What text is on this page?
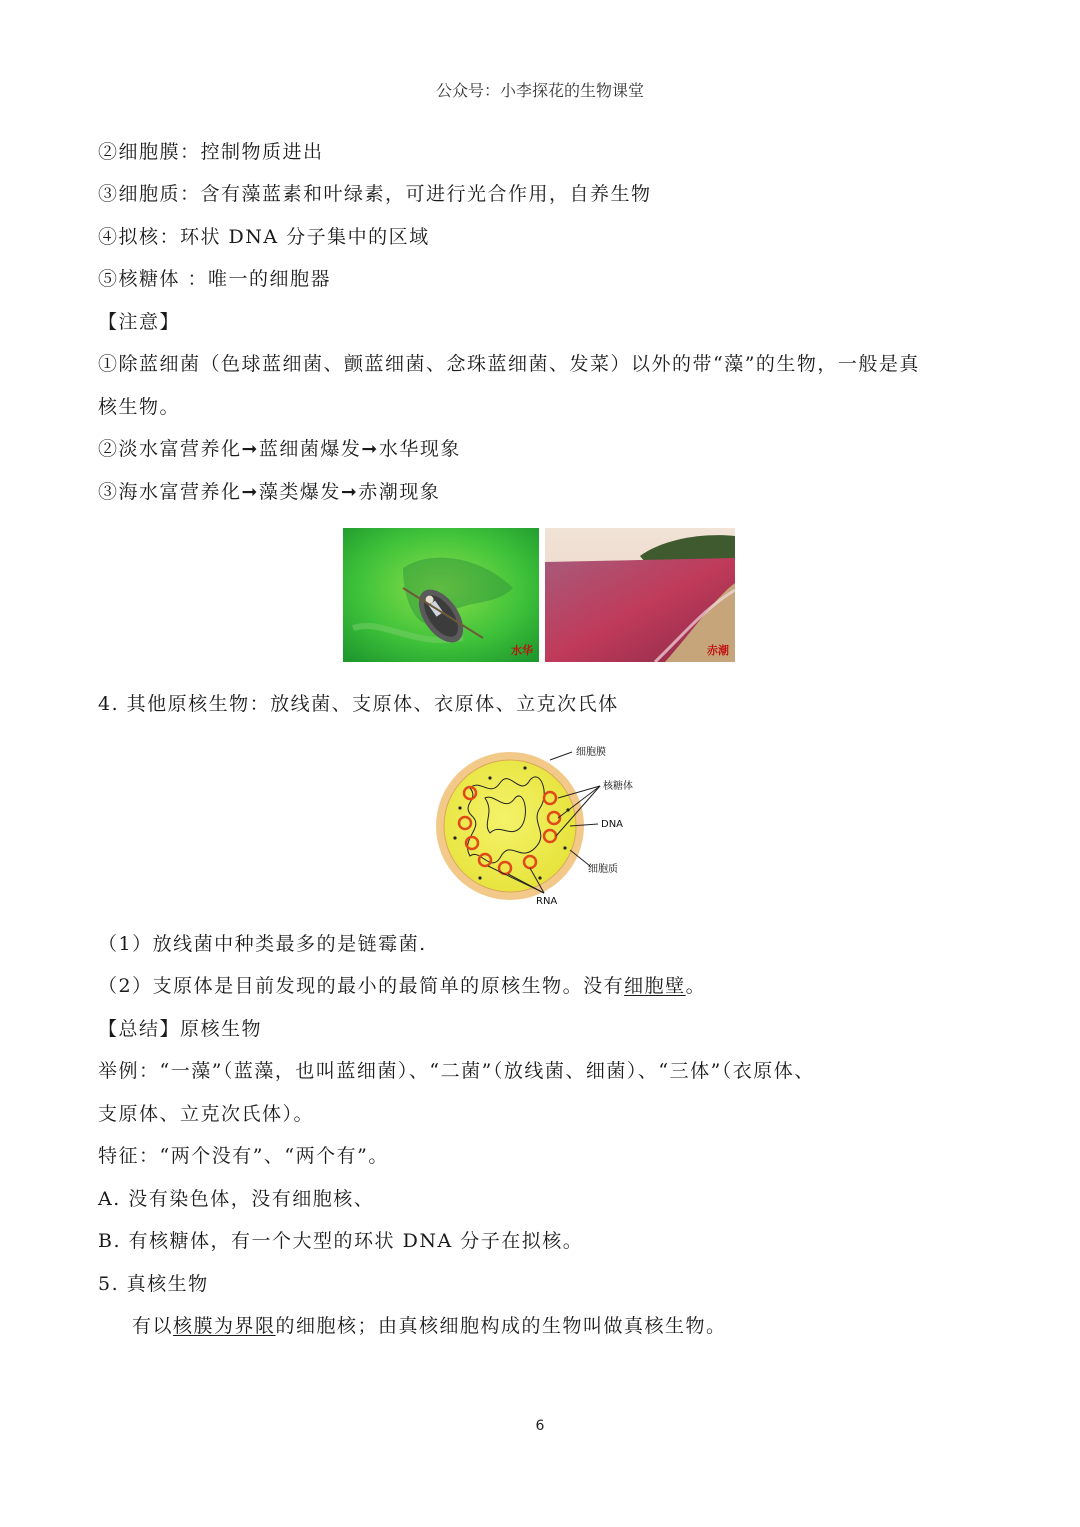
公众号：小李探花的生物课堂
②细胞膜：控制物质进出
③细胞质：含有藻蓝素和叶绿素，可进行光合作用，自养生物
④拟核：环状 DNA 分子集中的区域
⑤核糖体 ：唯一的细胞器
【注意】
①除蓝细菌（色球蓝细菌、颤蓝细菌、念珠蓝细菌、发菜）以外的带“藻”的生物，一般是真
核生物。
②淡水富营养化➞蓝细菌爆发➞水华现象
③海水富营养化➞藻类爆发➞赤潮现象
水华	赤潮
4. 其他原核生物：放线菌、支原体、衣原体、立克次氏体
细胞膜
核糖体
DNA
细胞质
RNA
（1）放线菌中种类最多的是链霉菌.
（2）支原体是目前发现的最小的最简单的原核生物。没有细胞壁。
【总结】原核生物
举例：“一藻”（蓝藻，也叫蓝细菌）、“二菌”（放线菌、细菌）、“三体”（衣原体、
支原体、立克次氏体）。
特征：“两个没有”、“两个有”。
A. 没有染色体，没有细胞核、
B. 有核糖体，有一个大型的环状 DNA 分子在拟核。
5. 真核生物
有以核膜为界限的细胞核；由真核细胞构成的生物叫做真核生物。
6
